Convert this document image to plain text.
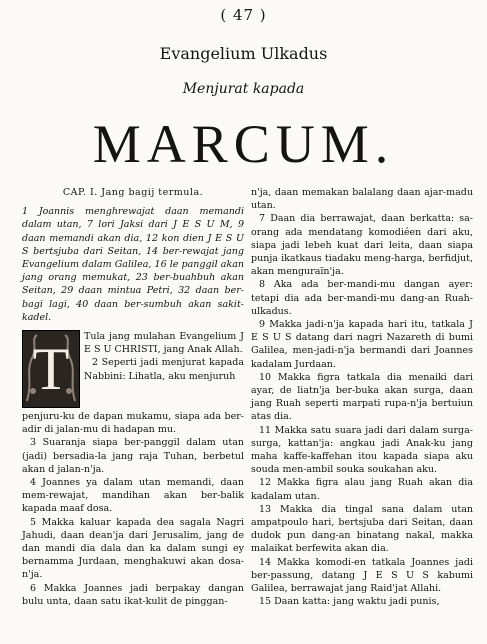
( 47 )
Evangelium Ulkadus
Menjurat kapada
MARCUM.
CAP. I. Jang bagij termula.
1 Joannis menghrewajat daan memandi dalam utan, 7 lori Jaksi dari J E S U M, 9 daan memandi akan dia, 12 kon dien J E S U S bertsjuba dari Seitan, 14 ber-rewajat jang Evangelium dalam Galilea, 16 le panggil akan jang orang memukat, 23 ber-buahbuh akan Seitan, 29 daan mintua Petri, 32 daan ber-bagi lagi, 40 daan ber-sumbuh akan sakit-kadel.
T	Tula jang mulahan Evangelium J E S U CHRISTI, jang Anak Allah.
2 Seperti jadi menjurat kapada Nabbini: Lihatla, aku menjuruh

penjuru-ku de dapan mukamu, siapa ada ber-adir di jalan-mu di hadapan mu.

3 Suaranja siapa ber-panggil dalam utan (jadi) bersadia-la jang raja Tuhan, berbetul akan d jalan-n'ja.

4 Joannes ya dalam utan memandi, daan mem-rewajat, mandihan akan ber-balik kapada maaf dosa.

5 Makka kaluar kapada dea sagala Nagri Jahudi, daan dean'ja dari Jerusalim, jang de dan mandi dia dala dan ka dalam sungi ey bernamma Jurdaan, menghakuwi akan dosa-n'ja.

6 Makka Joannes jadi berpakay dangan bulu unta, daan satu ikat-kulit de pinggan-

n'ja, daan memakan balalang daan ajar-madu utan.

7 Daan dia berrawajat, daan berkatta: sa-orang ada mendatang komodiéen dari aku, siapa jadi lebeh kuat dari leita, daan siapa punja ikatkaus tiadaku meng-harga, berfidjut, akan menguraïn'ja.

8 Aka ada ber-mandi-mu dangan ayer: tetapi dia ada ber-mandi-mu dang-an Ruah-ulkadus.

9 Makka jadi-n'ja kapada hari itu, tatkala J E S U S datang dari nagri Nazareth di bumi Galilea, men-jadi-n'ja bermandi dari Joannes kadalam Jurdaan.

10 Makka figra tatkala dia menaiki dari ayar, de liatn'ja ber-buka akan surga, daan jang Ruah seperti marpati rupa-n'ja bertuiun atas dia.

11 Makka satu suara jadi dari dalam surga-surga, kattan'ja: angkau jadi Anak-ku jang maha kaffe-kaffehan itou kapada siapa aku souda men-ambil souka soukahan aku.

12 Makka figra alau jang Ruah akan dia kadalam utan.

13 Makka dia tingal sana dalam utan ampatpoulo hari, bertsjuba dari Seitan, daan dudok pun dang-an binatang nakal, makka malaikat berfewita akan dia.

14 Makka komodi-en tatkala Joannes jadi ber-passung, datang J E S U S kabumi Galilea, berrawajat jang Raid'jat Allahi.

15 Daan katta: jang waktu jadi punis,
